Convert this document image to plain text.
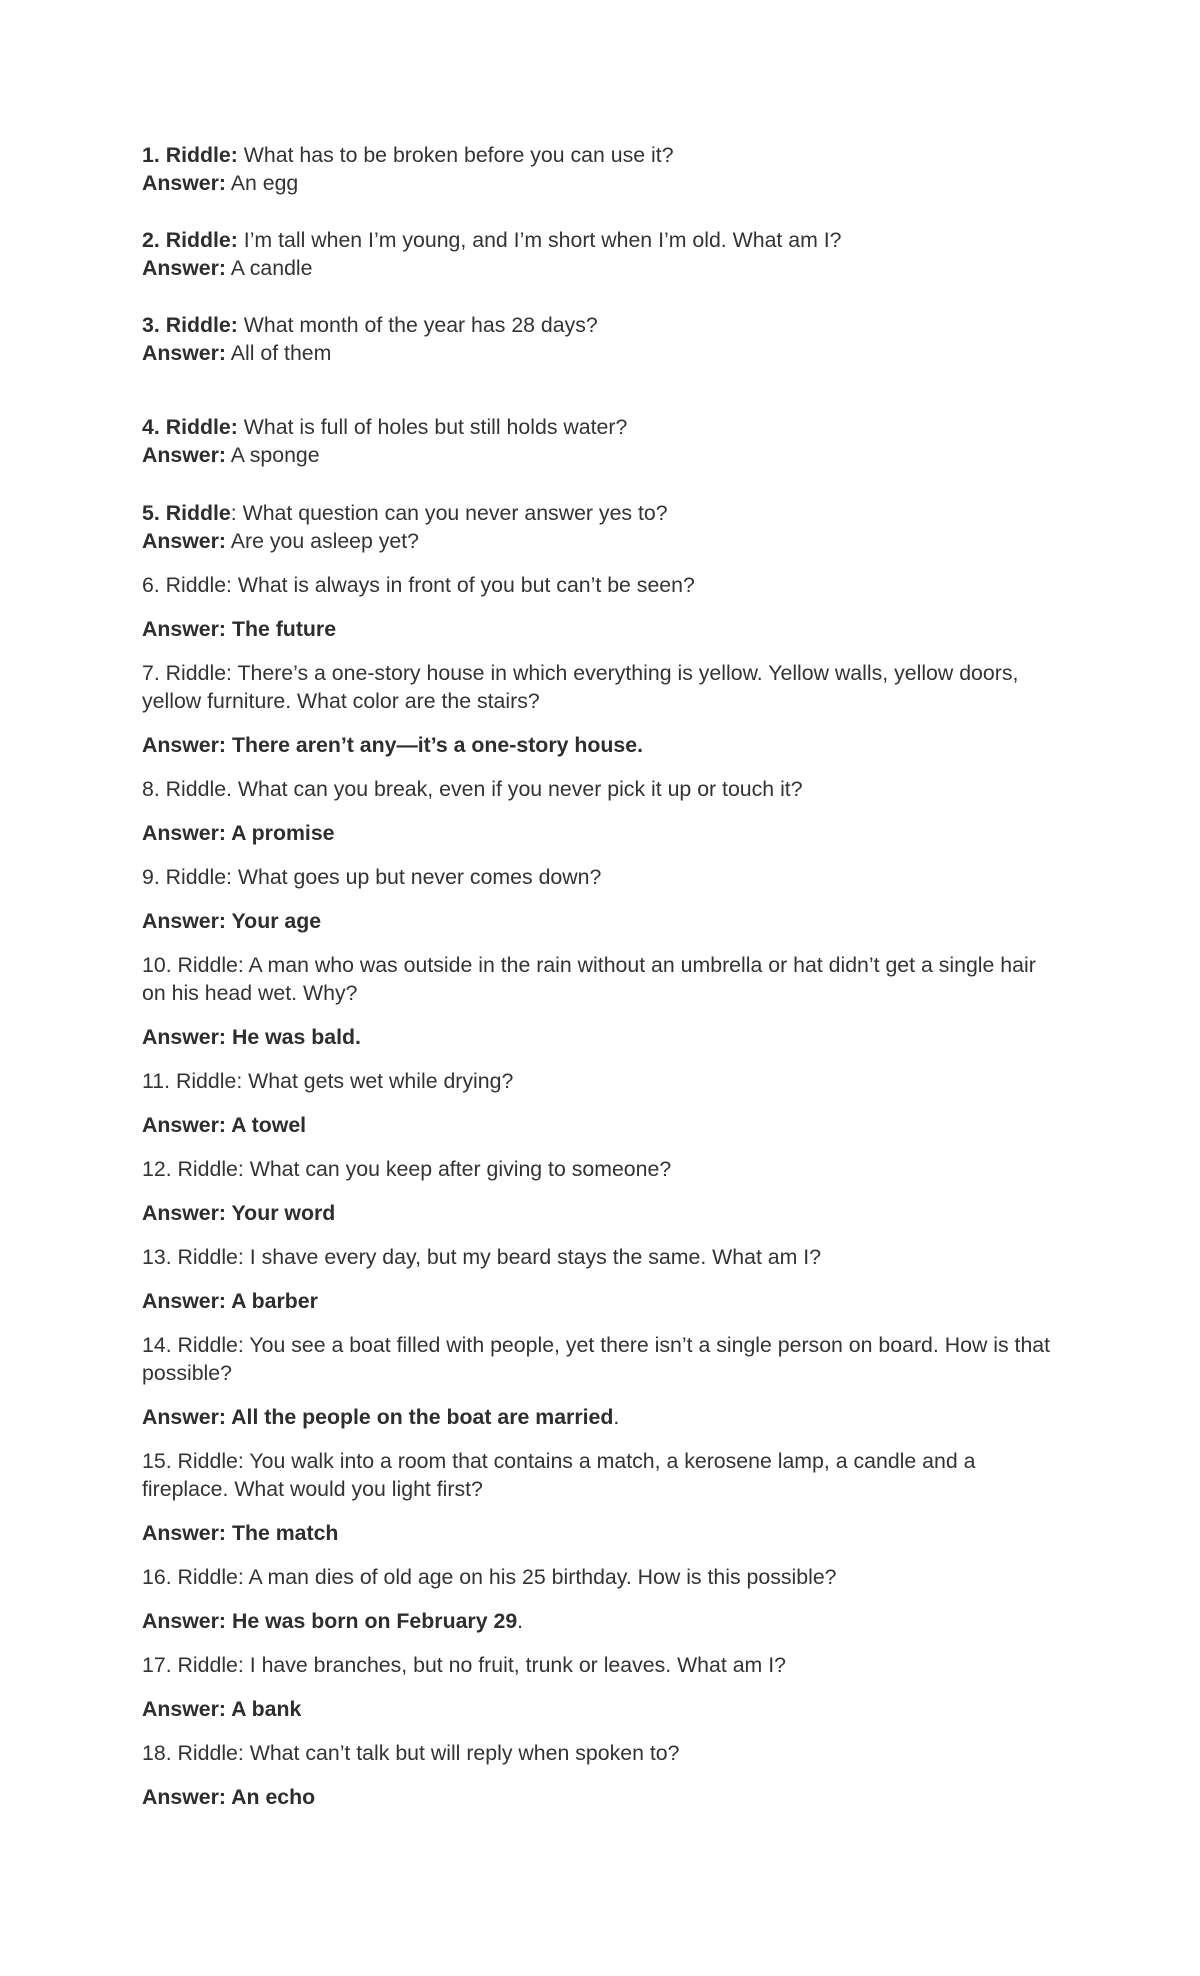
1. Riddle: What has to be broken before you can use it?
Answer: An egg

2. Riddle: I’m tall when I’m young, and I’m short when I’m old. What am I?
Answer: A candle

3. Riddle: What month of the year has 28 days?
Answer: All of them

4. Riddle: What is full of holes but still holds water?
Answer: A sponge

5. Riddle: What question can you never answer yes to?
Answer: Are you asleep yet?

6. Riddle: What is always in front of you but can’t be seen?

Answer: The future

7. Riddle: There’s a one-story house in which everything is yellow. Yellow walls, yellow doors, yellow furniture. What color are the stairs?

Answer: There aren’t any—it’s a one-story house.

8. Riddle. What can you break, even if you never pick it up or touch it?

Answer: A promise

9. Riddle: What goes up but never comes down?

Answer: Your age

10. Riddle: A man who was outside in the rain without an umbrella or hat didn’t get a single hair on his head wet. Why?

Answer: He was bald.

11. Riddle: What gets wet while drying?

Answer: A towel

12. Riddle: What can you keep after giving to someone?

Answer: Your word

13. Riddle: I shave every day, but my beard stays the same. What am I?

Answer: A barber

14. Riddle: You see a boat filled with people, yet there isn’t a single person on board. How is that possible?

Answer: All the people on the boat are married.

15. Riddle: You walk into a room that contains a match, a kerosene lamp, a candle and a fireplace. What would you light first?

Answer: The match

16. Riddle: A man dies of old age on his 25 birthday. How is this possible?

Answer: He was born on February 29.

17. Riddle: I have branches, but no fruit, trunk or leaves. What am I?

Answer: A bank

18. Riddle: What can’t talk but will reply when spoken to?

Answer: An echo
